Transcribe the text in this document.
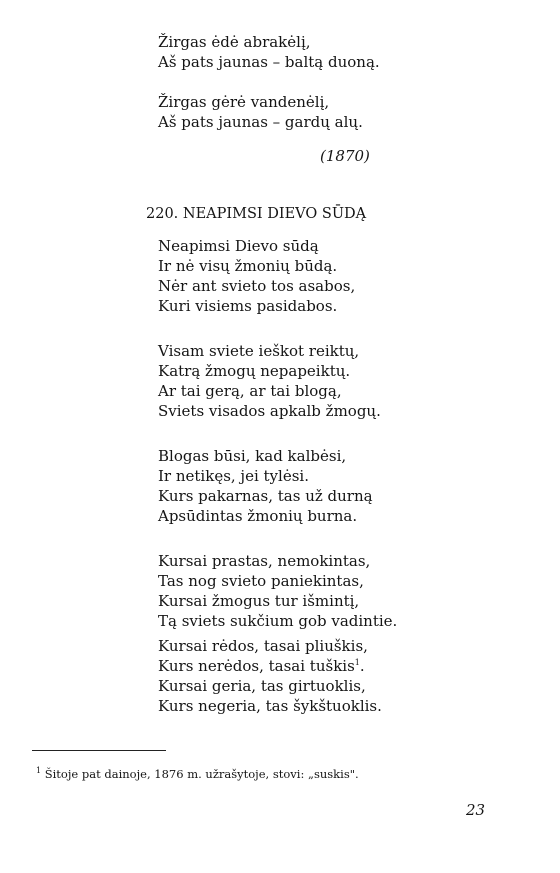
Žirgas ėdė abrakėlį,
Aš pats jaunas – baltą duoną.
Žirgas gėrė vandenėlį,
Aš pats jaunas – gardų alų.
(1870)
220. NEAPIMSI DIEVO SŪDĄ
Neapimsi Dievo sūdą
Ir nė visų žmonių būdą.
Nėr ant svieto tos asabos,
Kuri visiems pasidabos.
Visam sviete ieškot reiktų,
Katrą žmogų nepapeiktų.
Ar tai gerą, ar tai blogą,
Sviets visados apkalb žmogų.
Blogas būsi, kad kalbėsi,
Ir netikęs, jei tylėsi.
Kurs pakarnas, tas už durną
Apsūdintas žmonių burna.
Kursai prastas, nemokintas,
Tas nog svieto paniekintas,
Kursai žmogus tur išmintį,
Tą sviets sukčium gob vadintie.
Kursai rėdos, tasai pliuškis,
Kurs nerėdos, tasai tuškis$^1$.
Kursai geria, tas girtuoklis,
Kurs negeria, tas šykštuoklis.
$^1$ Šitoje pat dainoje, 1876 m. užrašytoje, stovi: „suskis".
23
